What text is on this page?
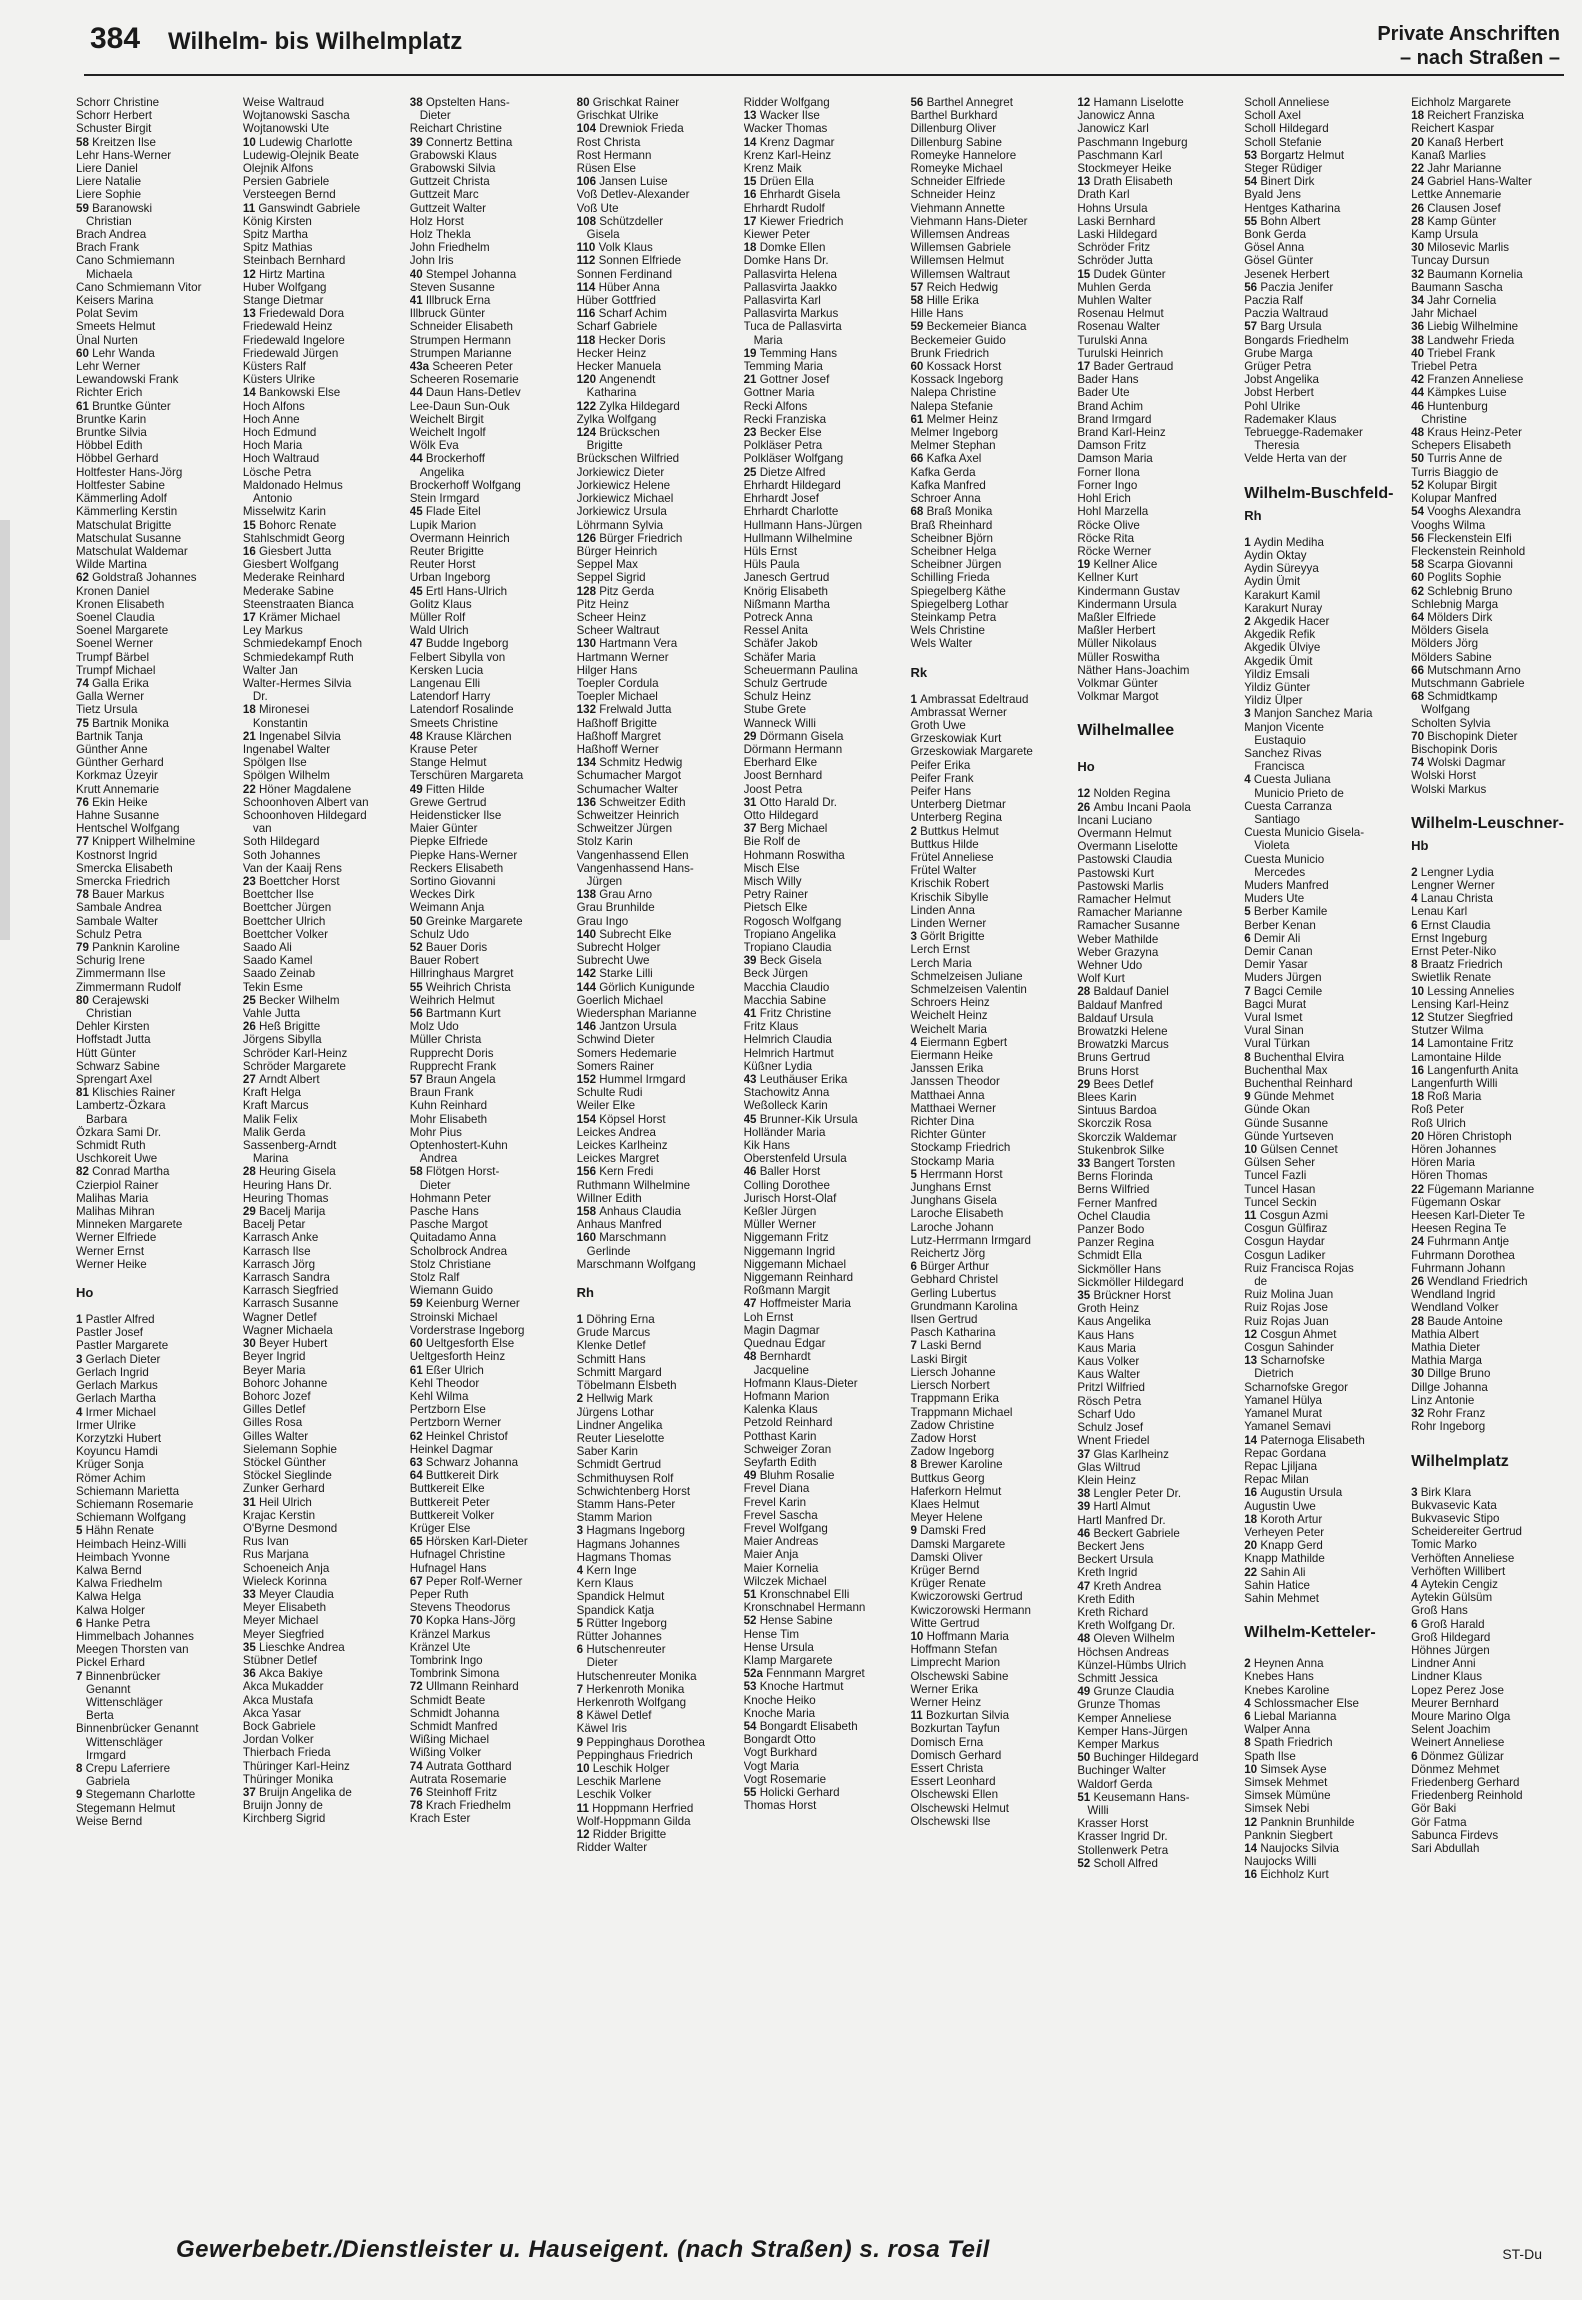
384 Wilhelm- bis Wilhelmplatz	Private Anschriften
– nach Straßen –
Schorr Christine
Schorr Herbert
Schuster Birgit
58 Kreitzen Ilse
Lehr Hans-Werner
Liere Daniel
Liere Natalie
Liere Sophie
59 Baranowski
Christian
Brach Andrea
Brach Frank
Cano Schmiemann
Michaela
Cano Schmiemann Vitor
Keisers Marina
Polat Sevim
Smeets Helmut
Ünal Nurten
60 Lehr Wanda
Lehr Werner
Lewandowski Frank
Richter Erich
61 Bruntke Günter
Bruntke Karin
Bruntke Silvia
Höbbel Edith
Höbbel Gerhard
Holtfester Hans-Jörg
Holtfester Sabine
Kämmerling Adolf
Kämmerling Kerstin
Matschulat Brigitte
Matschulat Susanne
Matschulat Waldemar
Wilde Martina
62 Goldstraß Johannes
Kronen Daniel
Kronen Elisabeth
Soenel Claudia
Soenel Margarete
Soenel Werner
Trumpf Bärbel
Trumpf Michael
74 Galla Erika
Galla Werner
Tietz Ursula
75 Bartnik Monika
Bartnik Tanja
Günther Anne
Günther Gerhard
Korkmaz Üzeyir
Krutt Annemarie
76 Ekin Heike
Hahne Susanne
Hentschel Wolfgang
77 Knippert Wilhelmine
Kostnorst Ingrid
Smercka Elisabeth
Smercka Friedrich
78 Bauer Markus
Sambale Andrea
Sambale Walter
Schulz Petra
79 Panknin Karoline
Schurig Irene
Zimmermann Ilse
Zimmermann Rudolf
80 Cerajewski
Christian
Dehler Kirsten
Hoffstadt Jutta
Hütt Günter
Schwarz Sabine
Sprengart Axel
81 Klischies Rainer
Lambertz-Özkara
Barbara
Özkara Sami Dr.
Schmidt Ruth
Uschkoreit Uwe
82 Conrad Martha
Czierpiol Rainer
Malihas Maria
Malihas Mihran
Minneken Margarete
Werner Elfriede
Werner Ernst
Werner Heike
Ho
1 Pastler Alfred
Pastler Josef
Pastler Margarete
3 Gerlach Dieter
Gerlach Ingrid
Gerlach Markus
Gerlach Martha
4 Irmer Michael
Irmer Ulrike
Korzytzki Hubert
Koyuncu Hamdi
Krüger Sonja
Römer Achim
Schiemann Marietta
Schiemann Rosemarie
Schiemann Wolfgang
5 Hähn Renate
Heimbach Heinz-Willi
Heimbach Yvonne
Kalwa Bernd
Kalwa Friedhelm
Kalwa Helga
Kalwa Holger
6 Hanke Petra
Himmelbach Johannes
Meegen Thorsten van
Pickel Erhard
7 Binnenbrücker
Genannt
Wittenschläger
Berta
Binnenbrücker Genannt
Wittenschläger
Irmgard
8 Crepu Laferriere
Gabriela
9 Stegemann Charlotte
Stegemann Helmut
Weise Bernd
Weise Waltraud
Wojtanowski Sascha
Wojtanowski Ute
10 Ludewig Charlotte
Ludewig-Olejnik Beate
Olejnik Alfons
Persien Gabriele
Versteegen Bernd
11 Ganswindt Gabriele
König Kirsten
Spitz Martha
Spitz Mathias
Steinbach Bernhard
12 Hirtz Martina
Huber Wolfgang
Stange Dietmar
13 Friedewald Dora
Friedewald Heinz
Friedewald Ingelore
Friedewald Jürgen
Küsters Ralf
Küsters Ulrike
14 Bankowski Else
Hoch Alfons
Hoch Anne
Hoch Edmund
Hoch Maria
Hoch Waltraud
Lösche Petra
Maldonado Helmus
Antonio
Misselwitz Karin
15 Bohorc Renate
Stahlschmidt Georg
16 Giesbert Jutta
Giesbert Wolfgang
Mederake Reinhard
Mederake Sabine
Steenstraaten Bianca
17 Krämer Michael
Ley Markus
Schmiedekampf Enoch
Schmiedekampf Ruth
Walter Jan
Walter-Hermes Silvia
Dr.
18 Mironesei
Konstantin
21 Ingenabel Silvia
Ingenabel Walter
Spölgen Ilse
Spölgen Wilhelm
22 Höner Magdalene
Schoonhoven Albert van
Schoonhoven Hildegard
van
Soth Hildegard
Soth Johannes
Van der Kaaij Rens
23 Boettcher Horst
Boettcher Ilse
Boettcher Jürgen
Boettcher Ulrich
Boettcher Volker
Saado Ali
Saado Kamel
Saado Zeinab
Tekin Esme
25 Becker Wilhelm
Vahle Jutta
26 Heß Brigitte
Jörgens Sibylla
Schröder Karl-Heinz
Schröder Margarete
27 Arndt Albert
Kraft Helga
Kraft Marcus
Malik Felix
Malik Gerda
Sassenberg-Arndt
Marina
28 Heuring Gisela
Heuring Hans Dr.
Heuring Thomas
29 Bacelj Marija
Bacelj Petar
Karrasch Anke
Karrasch Ilse
Karrasch Jörg
Karrasch Sandra
Karrasch Siegfried
Karrasch Susanne
Wagner Detlef
Wagner Michaela
30 Beyer Hubert
Beyer Ingrid
Beyer Maria
Bohorc Johanne
Bohorc Jozef
Gilles Detlef
Gilles Rosa
Gilles Walter
Sielemann Sophie
Stöckel Günther
Stöckel Sieglinde
Zunker Gerhard
31 Heil Ulrich
Krajac Kerstin
O'Byrne Desmond
Rus Ivan
Rus Marjana
Schoeneich Anja
Wieleck Korinna
33 Meyer Claudia
Meyer Elisabeth
Meyer Michael
Meyer Siegfried
35 Lieschke Andrea
Stübner Detlef
36 Akca Bakiye
Akca Mukadder
Akca Mustafa
Akca Yasar
Bock Gabriele
Jordan Volker
Thierbach Frieda
Thüringer Karl-Heinz
Thüringer Monika
37 Bruijn Angelika de
Bruijn Jonny de
Kirchberg Sigrid
38 Opstelten Hans-
Dieter
Reichart Christine
39 Connertz Bettina
Grabowski Klaus
Grabowski Silvia
Guttzeit Christa
Guttzeit Marc
Guttzeit Walter
Holz Horst
Holz Thekla
John Friedhelm
John Iris
40 Stempel Johanna
Steven Susanne
41 Illbruck Erna
Illbruck Günter
Schneider Elisabeth
Strumpen Hermann
Strumpen Marianne
43a Scheeren Peter
Scheeren Rosemarie
44 Daun Hans-Detlev
Lee-Daun Sun-Ouk
Weichelt Birgit
Weichelt Ingolf
Wölk Eva
44 Brockerhoff
Angelika
Brockerhoff Wolfgang
Stein Irmgard
45 Flade Eitel
Lupik Marion
Overmann Heinrich
Reuter Brigitte
Reuter Horst
Urban Ingeborg
45 Ertl Hans-Ulrich
Golitz Klaus
Müller Rolf
Wald Ulrich
47 Budde Ingeborg
Felbert Sibylla von
Kersken Lucia
Langenau Elli
Latendorf Harry
Latendorf Rosalinde
Smeets Christine
48 Krause Klärchen
Krause Peter
Stange Helmut
Terschüren Margareta
49 Fitten Hilde
Grewe Gertrud
Heidensticker Ilse
Maier Günter
Piepke Elfriede
Piepke Hans-Werner
Reckers Elisabeth
Sortino Giovanni
Weckes Dirk
Weimann Anja
50 Greinke Margarete
Schulz Udo
52 Bauer Doris
Bauer Robert
Hillringhaus Margret
55 Weihrich Christa
Weihrich Helmut
56 Bartmann Kurt
Molz Udo
Müller Christa
Rupprecht Doris
Rupprecht Frank
57 Braun Angela
Braun Frank
Kuhn Reinhard
Mohr Elisabeth
Mohr Pius
Optenhostert-Kuhn
Andrea
58 Flötgen Horst-
Dieter
Hohmann Peter
Pasche Hans
Pasche Margot
Quitadamo Anna
Scholbrock Andrea
Stolz Christiane
Stolz Ralf
Wiemann Guido
59 Keienburg Werner
Stroinski Michael
Vorderstrase Ingeborg
60 Ueltgesforth Else
Ueltgesforth Heinz
61 Eßer Ulrich
Kehl Theodor
Kehl Wilma
Pertzborn Else
Pertzborn Werner
62 Heinkel Christof
Heinkel Dagmar
63 Schwarz Johanna
64 Buttkereit Dirk
Buttkereit Elke
Buttkereit Peter
Buttkereit Volker
Krüger Else
65 Hörsken Karl-Dieter
Hufnagel Christine
Hufnagel Hans
67 Peper Rolf-Werner
Peper Ruth
Stevens Theodorus
70 Kopka Hans-Jörg
Kränzel Markus
Kränzel Ute
Tombrink Ingo
Tombrink Simona
72 Ullmann Reinhard
Schmidt Beate
Schmidt Johanna
Schmidt Manfred
Wißing Michael
Wißing Volker
74 Autrata Gotthard
Autrata Rosemarie
76 Steinhoff Fritz
78 Krach Friedhelm
Krach Ester
80 Grischkat Rainer
Grischkat Ulrike
104 Drewniok Frieda
Rost Christa
Rost Hermann
Rüsen Else
106 Jansen Luise
Voß Detlev-Alexander
Voß Ute
108 Schützdeller
Gisela
110 Volk Klaus
112 Sonnen Elfriede
Sonnen Ferdinand
114 Hüber Anna
Hüber Gottfried
116 Scharf Achim
Scharf Gabriele
118 Hecker Doris
Hecker Heinz
Hecker Manuela
120 Angenendt
Katharina
122 Zylka Hildegard
Zylka Wolfgang
124 Brückschen
Brigitte
Brückschen Wilfried
Jorkiewicz Dieter
Jorkiewicz Helene
Jorkiewicz Michael
Jorkiewicz Ursula
Löhrmann Sylvia
126 Bürger Friedrich
Bürger Heinrich
Seppel Max
Seppel Sigrid
128 Pitz Gerda
Pitz Heinz
Scheer Heinz
Scheer Waltraut
130 Hartmann Vera
Hartmann Werner
Hilger Hans
Toepler Cordula
Toepler Michael
132 Frelwald Jutta
Haßhoff Brigitte
Haßhoff Margret
Haßhoff Werner
134 Schmitz Hedwig
Schumacher Margot
Schumacher Walter
136 Schweitzer Edith
Schweitzer Heinrich
Schweitzer Jürgen
Stolz Karin
Vangenhassend Ellen
Vangenhassend Hans-
Jürgen
138 Grau Arno
Grau Brunhilde
Grau Ingo
140 Subrecht Elke
Subrecht Holger
Subrecht Uwe
142 Starke Lilli
144 Görlich Kunigunde
Goerlich Michael
Wiedersphan Marianne
146 Jantzon Ursula
Schwind Dieter
Somers Hedemarie
Somers Rainer
152 Hummel Irmgard
Schulte Rudi
Weiler Elke
154 Köpsel Horst
Leickes Andrea
Leickes Karlheinz
Leickes Margret
156 Kern Fredi
Ruthmann Wilhelmine
Willner Edith
158 Anhaus Claudia
Anhaus Manfred
160 Marschmann
Gerlinde
Marschmann Wolfgang
Rh
1 Döhring Erna
Grude Marcus
Klenke Detlef
Schmitt Hans
Schmitt Margard
Töbelmann Elsbeth
2 Hellwig Mark
Jürgens Lothar
Lindner Angelika
Reuter Lieselotte
Saber Karin
Schmidt Gertrud
Schmithuysen Rolf
Schwichtenberg Horst
Stamm Hans-Peter
Stamm Marion
3 Hagmans Ingeborg
Hagmans Johannes
Hagmans Thomas
4 Kern Inge
Kern Klaus
Spandick Helmut
Spandick Katja
5 Rütter Ingeborg
Rütter Johannes
6 Hutschenreuter
Dieter
Hutschenreuter Monika
7 Herkenroth Monika
Herkenroth Wolfgang
8 Käwel Detlef
Käwel Iris
9 Peppinghaus Dorothea
Peppinghaus Friedrich
10 Leschik Holger
Leschik Marlene
Leschik Volker
11 Hoppmann Herfried
Wolf-Hoppmann Gilda
12 Ridder Brigitte
Ridder Walter
Ridder Wolfgang
13 Wacker Ilse
Wacker Thomas
14 Krenz Dagmar
Krenz Karl-Heinz
Krenz Maik
15 Drüen Ella
16 Ehrhardt Gisela
Ehrhardt Rudolf
17 Kiewer Friedrich
Kiewer Peter
18 Domke Ellen
Domke Hans Dr.
Pallasvirta Helena
Pallasvirta Jaakko
Pallasvirta Karl
Pallasvirta Markus
Tuca de Pallasvirta
Maria
19 Temming Hans
Temming Maria
21 Gottner Josef
Gottner Maria
Recki Alfons
Recki Franziska
23 Becker Else
Polkläser Petra
Polkläser Wolfgang
25 Dietze Alfred
Ehrhardt Hildegard
Ehrhardt Josef
Ehrhardt Charlotte
Hullmann Hans-Jürgen
Hullmann Wilhelmine
Hüls Ernst
Hüls Paula
Janesch Gertrud
Knörig Elisabeth
Nißmann Martha
Potreck Anna
Ressel Anita
Schäfer Jakob
Schäfer Maria
Scheuermann Paulina
Schulz Gertrude
Schulz Heinz
Stube Grete
Wanneck Willi
29 Dörmann Gisela
Dörmann Hermann
Eberhard Elke
Joost Bernhard
Joost Petra
31 Otto Harald Dr.
Otto Hildegard
37 Berg Michael
Bie Rolf de
Hohmann Roswitha
Misch Else
Misch Willy
Petry Rainer
Pietsch Elke
Rogosch Wolfgang
Tropiano Angelika
Tropiano Claudia
39 Beck Gisela
Beck Jürgen
Macchia Claudio
Macchia Sabine
41 Fritz Christine
Fritz Klaus
Helmrich Claudia
Helmrich Hartmut
Küßner Lydia
43 Leuthäuser Erika
Stachowitz Anna
Weßolleck Karin
45 Brunner-Kik Ursula
Holländer Maria
Kik Hans
Oberstenfeld Ursula
46 Baller Horst
Colling Dorothee
Jurisch Horst-Olaf
Keßler Jürgen
Müller Werner
Niggemann Fritz
Niggemann Ingrid
Niggemann Michael
Niggemann Reinhard
Roßmann Margit
47 Hoffmeister Maria
Loh Ernst
Magin Dagmar
Quednau Edgar
48 Bernhardt
Jacqueline
Hofmann Klaus-Dieter
Hofmann Marion
Kalenka Klaus
Petzold Reinhard
Potthast Karin
Schweiger Zoran
Seyfarth Edith
49 Bluhm Rosalie
Frevel Diana
Frevel Karin
Frevel Sascha
Frevel Wolfgang
Maier Andreas
Maier Anja
Maier Kornelia
Wilczek Michael
51 Kronschnabel Elli
Kronschnabel Hermann
52 Hense Sabine
Hense Tim
Hense Ursula
Klamp Margarete
52a Fennmann Margret
53 Knoche Hartmut
Knoche Heiko
Knoche Maria
54 Bongardt Elisabeth
Bongardt Otto
Vogt Burkhard
Vogt Maria
Vogt Rosemarie
55 Holicki Gerhard
Thomas Horst
56 Barthel Annegret
Barthel Burkhard
Dillenburg Oliver
Dillenburg Sabine
Romeyke Hannelore
Romeyke Michael
Schneider Elfriede
Schneider Heinz
Viehmann Annette
Viehmann Hans-Dieter
Willemsen Andreas
Willemsen Gabriele
Willemsen Helmut
Willemsen Waltraut
57 Reich Hedwig
58 Hille Erika
Hille Hans
59 Beckemeier Bianca
Beckemeier Guido
Brunk Friedrich
60 Kossack Horst
Kossack Ingeborg
Nalepa Christine
Nalepa Stefanie
61 Melmer Heinz
Melmer Ingeborg
Melmer Stephan
66 Kafka Axel
Kafka Gerda
Kafka Manfred
Schroer Anna
68 Braß Monika
Braß Rheinhard
Scheibner Björn
Scheibner Helga
Scheibner Jürgen
Schilling Frieda
Spiegelberg Käthe
Spiegelberg Lothar
Steinkamp Petra
Wels Christine
Wels Walter
Rk
1 Ambrassat Edeltraud
Ambrassat Werner
Groth Uwe
Grzeskowiak Kurt
Grzeskowiak Margarete
Peifer Erika
Peifer Frank
Peifer Hans
Unterberg Dietmar
Unterberg Regina
2 Buttkus Helmut
Buttkus Hilde
Frütel Anneliese
Frütel Walter
Krischik Robert
Krischik Sibylle
Linden Anna
Linden Werner
3 Görlt Brigitte
Lerch Ernst
Lerch Maria
Schmelzeisen Juliane
Schmelzeisen Valentin
Schroers Heinz
Weichelt Heinz
Weichelt Maria
4 Eiermann Egbert
Eiermann Heike
Janssen Erika
Janssen Theodor
Matthaei Anna
Matthaei Werner
Richter Dina
Richter Günter
Stockamp Friedrich
Stockamp Maria
5 Herrmann Horst
Junghans Ernst
Junghans Gisela
Laroche Elisabeth
Laroche Johann
Lutz-Herrmann Irmgard
Reichertz Jörg
6 Bürger Arthur
Gebhard Christel
Gerling Lubertus
Grundmann Karolina
Ilsen Gertrud
Pasch Katharina
7 Laski Bernd
Laski Birgit
Liersch Johanne
Liersch Norbert
Trappmann Erika
Trappmann Michael
Zadow Christine
Zadow Horst
Zadow Ingeborg
8 Brewer Karoline
Buttkus Georg
Haferkorn Helmut
Klaes Helmut
Meyer Helene
9 Damski Fred
Damski Margarete
Damski Oliver
Krüger Bernd
Krüger Renate
Kwiczorowski Gertrud
Kwiczorowski Hermann
Witte Gertrud
10 Hoffmann Maria
Hoffmann Stefan
Limprecht Marion
Olschewski Sabine
Werner Erika
Werner Heinz
11 Bozkurtan Silvia
Bozkurtan Tayfun
Domisch Erna
Domisch Gerhard
Essert Christa
Essert Leonhard
Olschewski Ellen
Olschewski Helmut
Olschewski Ilse
12 Hamann Liselotte
Janowicz Anna
Janowicz Karl
Paschmann Ingeburg
Paschmann Karl
Stockmeyer Heike
13 Drath Elisabeth
Drath Karl
Hohns Ursula
Laski Bernhard
Laski Hildegard
Schröder Fritz
Schröder Jutta
15 Dudek Günter
Muhlen Gerda
Muhlen Walter
Rosenau Helmut
Rosenau Walter
Turulski Anna
Turulski Heinrich
17 Bader Gertraud
Bader Hans
Bader Ute
Brand Achim
Brand Irmgard
Brand Karl-Heinz
Damson Fritz
Damson Maria
Forner Ilona
Forner Ingo
Hohl Erich
Hohl Marzella
Röcke Olive
Röcke Rita
Röcke Werner
19 Kellner Alice
Kellner Kurt
Kindermann Gustav
Kindermann Ursula
Maßler Elfriede
Maßler Herbert
Müller Nikolaus
Müller Roswitha
Näther Hans-Joachim
Volkmar Günter
Volkmar Margot
Wilhelmallee
Ho
12 Nolden Regina
26 Ambu Incani Paola
Incani Luciano
Overmann Helmut
Overmann Liselotte
Pastowski Claudia
Pastowski Kurt
Pastowski Marlis
Ramacher Helmut
Ramacher Marianne
Ramacher Susanne
Weber Mathilde
Weber Grazyna
Wehner Udo
Wolf Kurt
28 Baldauf Daniel
Baldauf Manfred
Baldauf Ursula
Browatzki Helene
Browatzki Marcus
Bruns Gertrud
Bruns Horst
29 Bees Detlef
Blees Karin
Sintuus Bardoa
Skorczik Rosa
Skorczik Waldemar
Stukenbrok Silke
33 Bangert Torsten
Berns Florinda
Berns Wilfried
Ferner Manfred
Ochel Claudia
Panzer Bodo
Panzer Regina
Schmidt Ella
Sickmöller Hans
Sickmöller Hildegard
35 Brückner Horst
Groth Heinz
Kaus Angelika
Kaus Hans
Kaus Maria
Kaus Volker
Kaus Walter
Pritzl Wilfried
Rösch Petra
Scharf Udo
Schulz Josef
Wnent Friedel
37 Glas Karlheinz
Glas Wiltrud
Klein Heinz
38 Lengler Peter Dr.
39 Hartl Almut
Hartl Manfred Dr.
46 Beckert Gabriele
Beckert Jens
Beckert Ursula
Kreth Ingrid
47 Kreth Andrea
Kreth Edith
Kreth Richard
Kreth Wolfgang Dr.
48 Oleven Wilhelm
Höchsen Andreas
Künzel-Hümbs Ulrich
Schmitt Jessica
49 Grunze Claudia
Grunze Thomas
Kemper Anneliese
Kemper Hans-Jürgen
Kemper Markus
50 Buchinger Hildegard
Buchinger Walter
Waldorf Gerda
51 Keusemann Hans-
Willi
Krasser Horst
Krasser Ingrid Dr.
Stollenwerk Petra
52 Scholl Alfred
Scholl Anneliese
Scholl Axel
Scholl Hildegard
Scholl Stefanie
53 Borgartz Helmut
Steger Rüdiger
54 Binert Dirk
Byald Jens
Hentges Katharina
55 Bohn Albert
Bonk Gerda
Gösel Anna
Gösel Günter
Jesenek Herbert
56 Paczia Jenifer
Paczia Ralf
Paczia Waltraud
57 Barg Ursula
Bongards Friedhelm
Grube Marga
Grüger Petra
Jobst Angelika
Jobst Herbert
Pohl Ulrike
Rademaker Klaus
Tebruegge-Rademaker
Theresia
Velde Herta van der
Wilhelm-Buschfeld-
Rh
1 Aydin Mediha
Aydin Oktay
Aydin Süreyya
Aydin Ümit
Karakurt Kamil
Karakurt Nuray
2 Akgedik Hacer
Akgedik Refik
Akgedik Ülviye
Akgedik Ümit
Yildiz Emsali
Yildiz Günter
Yildiz Ülper
3 Manjon Sanchez Maria
Manjon Vicente
Eustaquio
Sanchez Rivas
Francisca
4 Cuesta Juliana
Municio Prieto de
Cuesta Carranza
Santiago
Cuesta Municio Gisela-
Violeta
Cuesta Municio
Mercedes
Muders Manfred
Muders Ute
5 Berber Kamile
Berber Kenan
6 Demir Ali
Demir Canan
Demir Yasar
Muders Jürgen
7 Bagci Cemile
Bagci Murat
Vural Ismet
Vural Sinan
Vural Türkan
8 Buchenthal Elvira
Buchenthal Max
Buchenthal Reinhard
9 Günde Mehmet
Günde Okan
Günde Susanne
Günde Yurtseven
10 Gülsen Cennet
Gülsen Seher
Tuncel Fazli
Tuncel Hasan
Tuncel Seckin
11 Cosgun Azmi
Cosgun Gülfiraz
Cosgun Haydar
Cosgun Ladiker
Ruiz Francisca Rojas
de
Ruiz Molina Juan
Ruiz Rojas Jose
Ruiz Rojas Juan
12 Cosgun Ahmet
Cosgun Sahinder
13 Scharnofske
Dietrich
Scharnofske Gregor
Yamanel Hülya
Yamanel Murat
Yamanel Semavi
14 Paternoga Elisabeth
Repac Gordana
Repac Ljiljana
Repac Milan
16 Augustin Ursula
Augustin Uwe
18 Koroth Artur
Verheyen Peter
20 Knapp Gerd
Knapp Mathilde
22 Sahin Ali
Sahin Hatice
Sahin Mehmet
Wilhelm-Ketteler-
2 Heynen Anna
Knebes Hans
Knebes Karoline
4 Schlossmacher Else
6 Liebal Marianna
Walper Anna
8 Spath Friedrich
Spath Ilse
10 Simsek Ayse
Simsek Mehmet
Simsek Mümüne
Simsek Nebi
12 Panknin Brunhilde
Panknin Siegbert
14 Naujocks Silvia
Naujocks Willi
16 Eichholz Kurt
Eichholz Margarete
18 Reichert Franziska
Reichert Kaspar
20 Kanaß Herbert
Kanaß Marlies
22 Jahr Marianne
24 Gabriel Hans-Walter
Lettke Annemarie
26 Clausen Josef
28 Kamp Günter
Kamp Ursula
30 Milosevic Marlis
Tuncay Dursun
32 Baumann Kornelia
Baumann Sascha
34 Jahr Cornelia
Jahr Michael
36 Liebig Wilhelmine
38 Landwehr Frieda
40 Triebel Frank
Triebel Petra
42 Franzen Anneliese
44 Kämpkes Luise
46 Huntenburg
Christine
48 Kraus Heinz-Peter
Schepers Elisabeth
50 Turris Anne de
Turris Biaggio de
52 Kolupar Birgit
Kolupar Manfred
54 Vooghs Alexandra
Vooghs Wilma
56 Fleckenstein Elfi
Fleckenstein Reinhold
58 Scarpa Giovanni
60 Poglits Sophie
62 Schlebnig Bruno
Schlebnig Marga
64 Mölders Dirk
Mölders Gisela
Mölders Jörg
Mölders Sabine
66 Mutschmann Arno
Mutschmann Gabriele
68 Schmidtkamp
Wolfgang
Scholten Sylvia
70 Bischopink Dieter
Bischopink Doris
74 Wolski Dagmar
Wolski Horst
Wolski Markus
Wilhelm-Leuschner-
Hb
2 Lengner Lydia
Lengner Werner
4 Lanau Christa
Lenau Karl
6 Ernst Claudia
Ernst Ingeburg
Ernst Peter-Niko
8 Braatz Friedrich
Swietlik Renate
10 Lessing Annelies
Lensing Karl-Heinz
12 Stutzer Siegfried
Stutzer Wilma
14 Lamontaine Fritz
Lamontaine Hilde
16 Langenfurth Anita
Langenfurth Willi
18 Roß Maria
Roß Peter
Roß Ulrich
20 Hören Christoph
Hören Johannes
Hören Maria
Hören Thomas
22 Fügemann Marianne
Fügemann Oskar
Heesen Karl-Dieter Te
Heesen Regina Te
24 Fuhrmann Antje
Fuhrmann Dorothea
Fuhrmann Johann
26 Wendland Friedrich
Wendland Ingrid
Wendland Volker
28 Baude Antoine
Mathia Albert
Mathia Dieter
Mathia Marga
30 Dillge Bruno
Dillge Johanna
Linz Antonie
32 Rohr Franz
Rohr Ingeborg
Wilhelmplatz
3 Birk Klara
Bukvasevic Kata
Bukvasevic Stipo
Scheidereiter Gertrud
Tomic Marko
Verhöften Anneliese
Verhöften Willibert
4 Aytekin Cengiz
Aytekin Gülsüm
Groß Hans
6 Groß Harald
Groß Hildegard
Höhnes Jürgen
Lindner Anni
Lindner Klaus
Lopez Perez Jose
Meurer Bernhard
Moure Marino Olga
Selent Joachim
Weinert Anneliese
6 Dönmez Gülizar
Dönmez Mehmet
Friedenberg Gerhard
Friedenberg Reinhold
Gör Baki
Gör Fatma
Sabunca Firdevs
Sari Abdullah
Gewerbebetr./Dienstleister u. Hauseigent. (nach Straßen) s. rosa Teil	ST-Du
